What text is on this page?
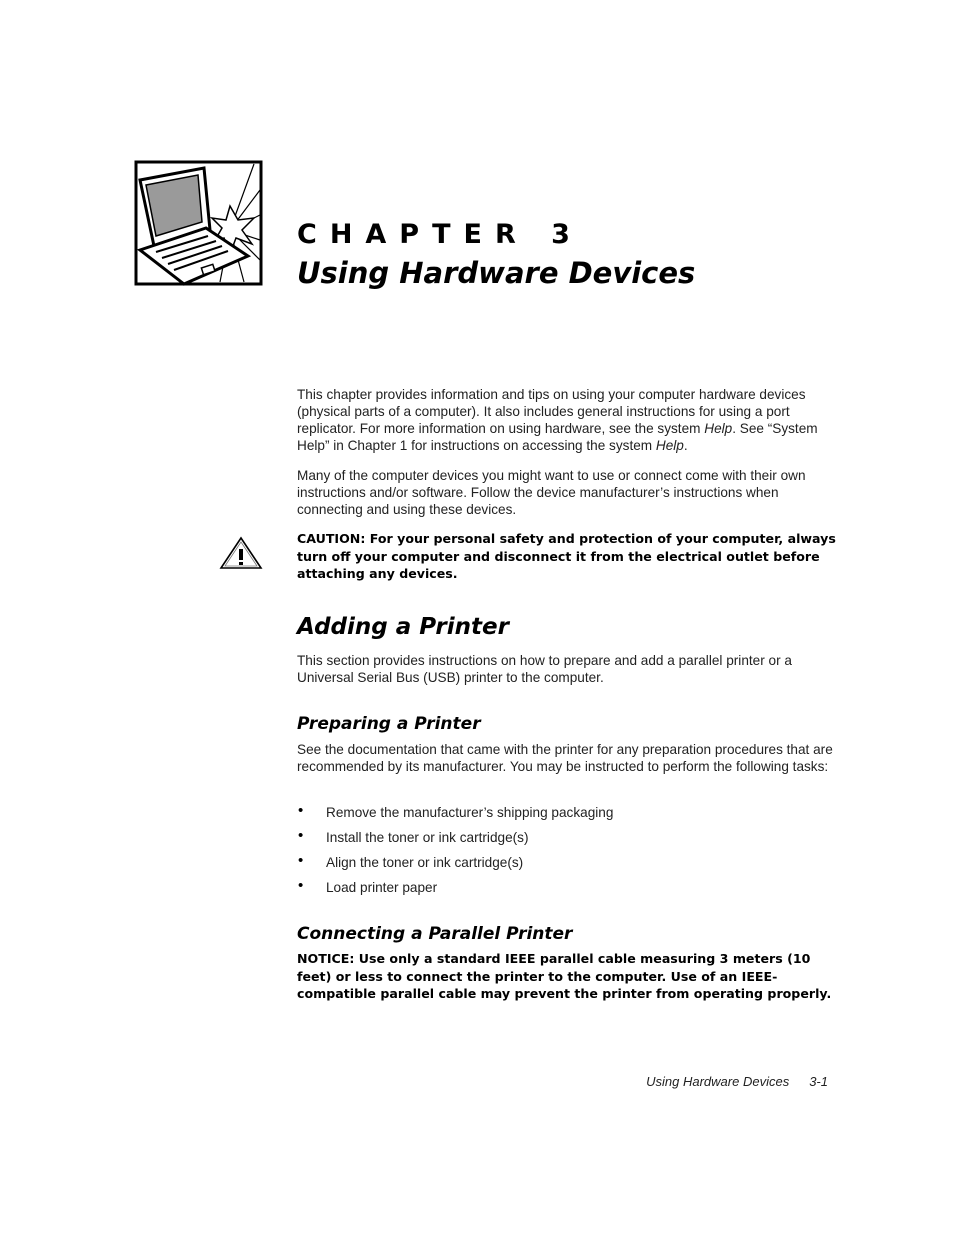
CHAPTER 3
Using Hardware Devices
This chapter provides information and tips on using your computer hardware devices (physical parts of a computer). It also includes general instructions for using a port replicator. For more information on using hardware, see the system Help. See “System Help” in Chapter 1 for instructions on accessing the system Help.
Many of the computer devices you might want to use or connect come with their own instructions and/or software. Follow the device manufacturer’s instructions when connecting and using these devices.
CAUTION: For your personal safety and protection of your computer, always turn off your computer and disconnect it from the electrical outlet before attaching any devices.
Adding a Printer
This section provides instructions on how to prepare and add a parallel printer or a Universal Serial Bus (USB) printer to the computer.
Preparing a Printer
See the documentation that came with the printer for any preparation procedures that are recommended by its manufacturer. You may be instructed to perform the following tasks:
• Remove the manufacturer’s shipping packaging
• Install the toner or ink cartridge(s)
• Align the toner or ink cartridge(s)
• Load printer paper
Connecting a Parallel Printer
NOTICE: Use only a standard IEEE parallel cable measuring 3 meters (10 feet) or less to connect the printer to the computer. Use of an IEEE-compatible parallel cable may prevent the printer from operating properly.
Using Hardware Devices 3-1
